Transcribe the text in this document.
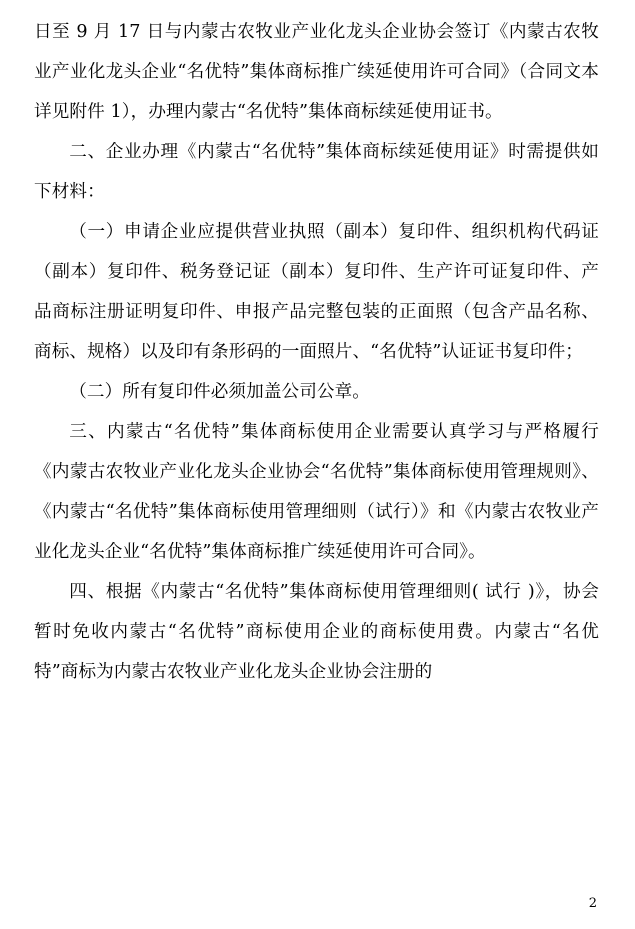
日至 9 月 17 日与内蒙古农牧业产业化龙头企业协会签订《内蒙古农牧业产业化龙头企业“名优特”集体商标推广续延使用许可合同》（合同文本详见附件 1），办理内蒙古“名优特”集体商标续延使用证书。

二、企业办理《内蒙古“名优特”集体商标续延使用证》时需提供如下材料：

（一）申请企业应提供营业执照（副本）复印件、组织机构代码证（副本）复印件、税务登记证（副本）复印件、生产许可证复印件、产品商标注册证明复印件、申报产品完整包装的正面照（包含产品名称、商标、规格）以及印有条形码的一面照片、“名优特”认证证书复印件；

（二）所有复印件必须加盖公司公章。

三、内蒙古“名优特”集体商标使用企业需要认真学习与严格履行《内蒙古农牧业产业化龙头企业协会“名优特”集体商标使用管理规则》、《内蒙古“名优特”集体商标使用管理细则（试行）》和《内蒙古农牧业产业化龙头企业“名优特”集体商标推广续延使用许可合同》。

四、根据《内蒙古“名优特”集体商标使用管理细则( 试行 )》，协会暂时免收内蒙古“名优特”商标使用企业的商标使用费。内蒙古“名优特”商标为内蒙古农牧业产业化龙头企业协会注册的

2
